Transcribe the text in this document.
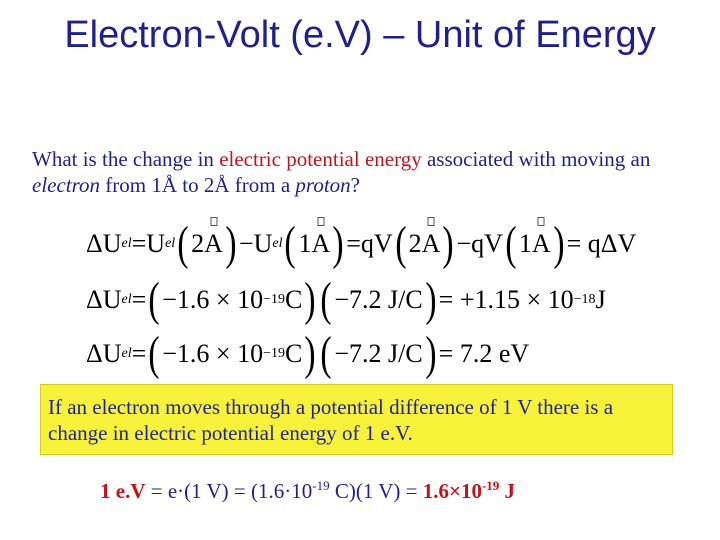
Electron-Volt (e.V) – Unit of Energy
What is the change in electric potential energy associated with moving an electron from 1Å to 2Å from a proton?
ΔU el = U el ( 2 A ) − U el ( 1 A ) = qV ( 2 A ) − qV ( 1 A ) = qΔV
ΔU el = ( −1.6 × 10 −19 C ) ( −7.2 J/C ) = +1.15 × 10 −18 J
ΔU el = ( −1.6 × 10 −19 C ) ( −7.2 J/C ) = 7.2 eV
If an electron moves through a potential difference of 1 V there is a change in electric potential energy of 1 e.V.
1 e.V = e·(1 $V) = (1.6\cdot 10^{-19}$ C)(1 $V) = 1.6\times 10^{-19}$ J
